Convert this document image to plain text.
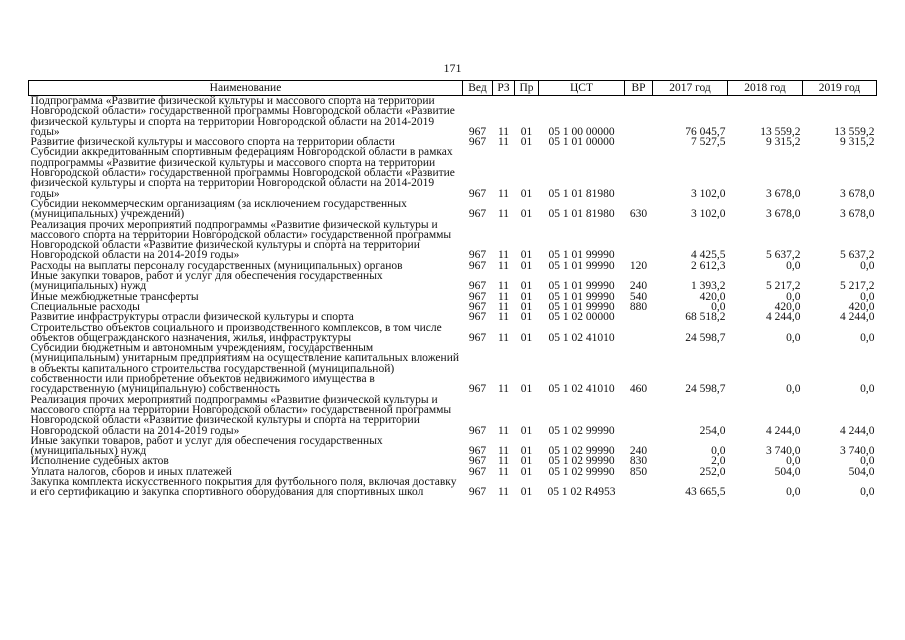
171
Наименование	Вед	РЗ	Пр	ЦСТ	ВР	2017 год	2018 год	2019 год
Подпрограмма «Развитие физической культуры и массового спорта на территории Новгородской области» государственной программы Новгородской области «Развитие физической культуры и спорта на территории Новгородской области на 2014-2019 годы»	967	11	01	05 1 00 00000		76 045,7	13 559,2	13 559,2
Развитие физической культуры и массового спорта на территории области	967	11	01	05 1 01 00000		7 527,5	9 315,2	9 315,2
Субсидии аккредитованным спортивным федерациям Новгородской области в рамках подпрограммы «Развитие физической культуры и массового спорта на территории Новгородской области» государственной программы Новгородской области «Развитие физической культуры и спорта на территории Новгородской области на 2014-2019 годы»	967	11	01	05 1 01 81980		3 102,0	3 678,0	3 678,0
Субсидии некоммерческим организациям (за исключением государственных (муниципальных) учреждений)	967	11	01	05 1 01 81980	630	3 102,0	3 678,0	3 678,0
Реализация прочих мероприятий подпрограммы «Развитие физической культуры и массового спорта на территории Новгородской области» государственной программы Новгородской области «Развитие физической культуры и спорта на территории Новгородской области на 2014-2019 годы»	967	11	01	05 1 01 99990		4 425,5	5 637,2	5 637,2
Расходы на выплаты персоналу государственных (муниципальных) органов	967	11	01	05 1 01 99990	120	2 612,3	0,0	0,0
Иные закупки товаров, работ и услуг для обеспечения государственных (муниципальных) нужд	967	11	01	05 1 01 99990	240	1 393,2	5 217,2	5 217,2
Иные межбюджетные трансферты	967	11	01	05 1 01 99990	540	420,0	0,0	0,0
Специальные расходы	967	11	01	05 1 01 99990	880	0,0	420,0	420,0
Развитие инфраструктуры отрасли физической культуры и спорта	967	11	01	05 1 02 00000		68 518,2	4 244,0	4 244,0
Строительство объектов социального и производственного комплексов, в том числе объектов общегражданского назначения, жилья, инфраструктуры	967	11	01	05 1 02 41010		24 598,7	0,0	0,0
Субсидии бюджетным и автономным учреждениям, государственным (муниципальным) унитарным предприятиям на осуществление капитальных вложений в объекты капитального строительства государственной (муниципальной) собственности или приобретение объектов недвижимого имущества в государственную (муниципальную) собственность	967	11	01	05 1 02 41010	460	24 598,7	0,0	0,0
Реализация прочих мероприятий подпрограммы «Развитие физической культуры и массового спорта на территории Новгородской области» государственной программы Новгородской области «Развитие физической культуры и спорта на территории Новгородской области на 2014-2019 годы»	967	11	01	05 1 02 99990		254,0	4 244,0	4 244,0
Иные закупки товаров, работ и услуг для обеспечения государственных (муниципальных) нужд	967	11	01	05 1 02 99990	240	0,0	3 740,0	3 740,0
Исполнение судебных актов	967	11	01	05 1 02 99990	830	2,0	0,0	0,0
Уплата налогов, сборов и иных платежей	967	11	01	05 1 02 99990	850	252,0	504,0	504,0
Закупка комплекта искусственного покрытия для футбольного поля, включая доставку и его сертификацию и закупка спортивного оборудования для спортивных школ	967	11	01	05 1 02 R4953		43 665,5	0,0	0,0
